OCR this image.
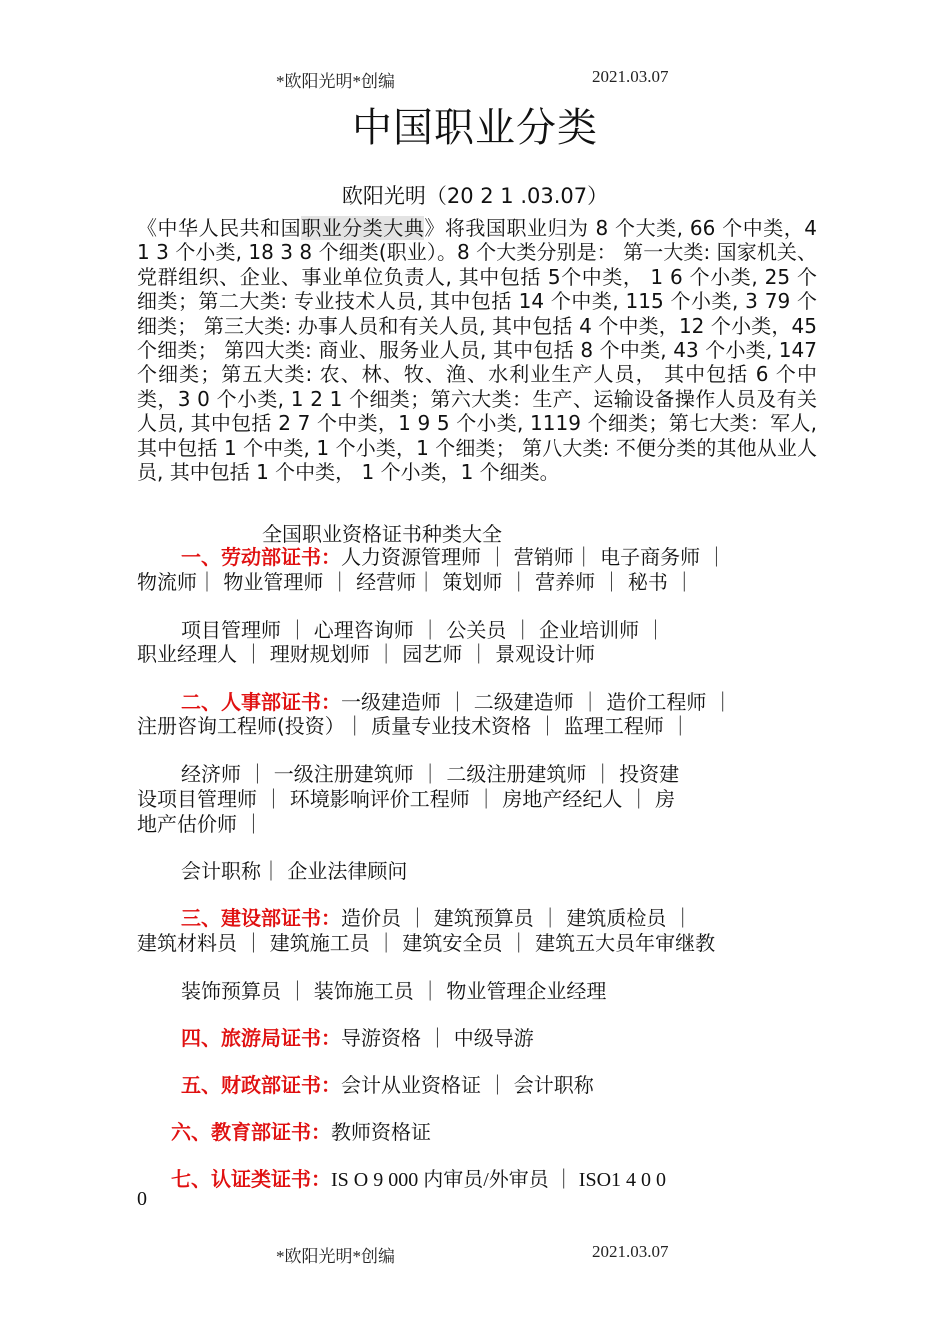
*欧阳光明*创编	2021.03.07
中国职业分类
欧阳光明（20 2 1 .03.07）
《中华人民共和国职业分类大典》将我国职业归为 8 个大类, 66 个中类，4 1 3 个小类, 18 3 8 个细类(职业）。8 个大类分别是： 第一大类: 国家机关、党群组织、企业、事业单位负责人, 其中包括 5个中类， 1 6 个小类, 25 个细类；第二大类: 专业技术人员, 其中包括 14 个中类, 115 个小类, 3 79 个细类； 第三大类: 办事人员和有关人员, 其中包括 4 个中类，12 个小类，45 个细类； 第四大类: 商业、服务业人员, 其中包括 8 个中类, 43 个小类, 147 个细类；第五大类: 农、林、牧、渔、水利业生产人员， 其中包括 6 个中类，3 0 个小类, 1 2 1 个细类；第六大类：生产、运输设备操作人员及有关人员, 其中包括 2 7 个中类，1 9 5 个小类, 1119 个细类；第七大类：军人, 其中包括 1 个中类, 1 个小类，1 个细类； 第八大类: 不便分类的其他从业人员, 其中包括 1 个中类， 1 个小类，1 个细类。
全国职业资格证书种类大全
一、劳动部证书：人力资源管理师 ｜ 营销师｜ 电子商务师 ｜
物流师｜ 物业管理师 ｜ 经营师｜ 策划师 ｜ 营养师 ｜ 秘书 ｜
项目管理师 ｜ 心理咨询师 ｜ 公关员 ｜ 企业培训师 ｜
职业经理人 ｜ 理财规划师 ｜ 园艺师 ｜ 景观设计师
二、人事部证书：一级建造师 ｜ 二级建造师 ｜ 造价工程师 ｜
注册咨询工程师(投资）｜ 质量专业技术资格 ｜ 监理工程师 ｜
经济师 ｜ 一级注册建筑师 ｜ 二级注册建筑师 ｜ 投资建
设项目管理师 ｜ 环境影响评价工程师 ｜ 房地产经纪人 ｜ 房
地产估价师 ｜
会计职称｜ 企业法律顾问
三、建设部证书：造价员 ｜ 建筑预算员 ｜ 建筑质检员 ｜
建筑材料员 ｜ 建筑施工员 ｜ 建筑安全员 ｜ 建筑五大员年审继教
装饰预算员 ｜ 装饰施工员 ｜ 物业管理企业经理
四、旅游局证书：导游资格 ｜ 中级导游
五、财政部证书：会计从业资格证 ｜ 会计职称
六、教育部证书：教师资格证
七、认证类证书：IS O 9 000 内审员/外审员 ｜ ISO1 4 0 0
0
*欧阳光明*创编	2021.03.07
